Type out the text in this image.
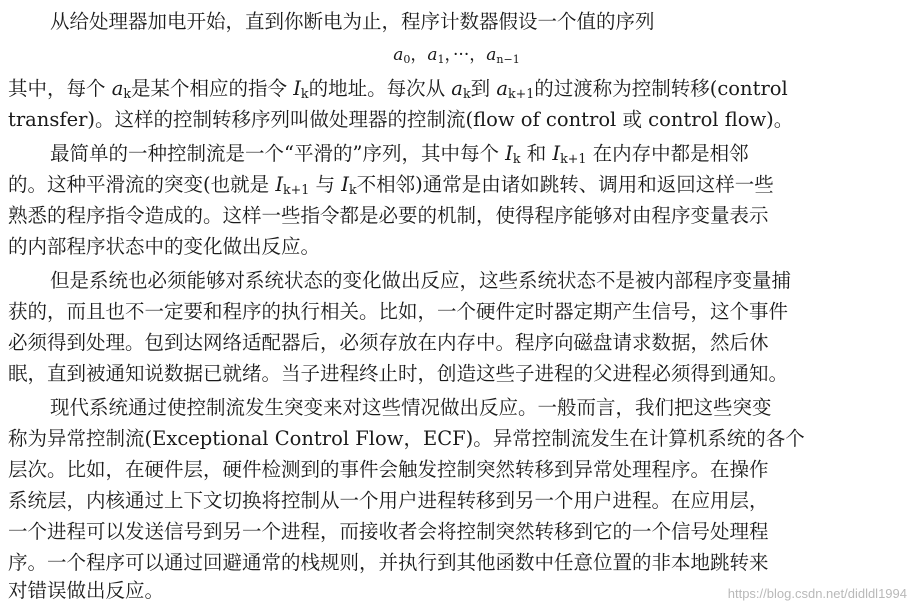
从给处理器加电开始，直到你断电为止，程序计数器假设一个值的序列
$a_0$，$a_1$，···，$a_{n-1}$
其中，每个 $a_k$是某个相应的指令 $I_k$的地址。每次从 $a_k$到 $a_{k+1}$的过渡称为控制转移(control
transfer)。这样的控制转移序列叫做处理器的控制流(flow of control 或 control flow)。
最简单的一种控制流是一个“平滑的”序列，其中每个 $I_k$ 和 $I_{k+1}$ 在内存中都是相邻
的。这种平滑流的突变(也就是 $I_{k+1}$ 与 $I_k$不相邻)通常是由诸如跳转、调用和返回这样一些
熟悉的程序指令造成的。这样一些指令都是必要的机制，使得程序能够对由程序变量表示
的内部程序状态中的变化做出反应。
但是系统也必须能够对系统状态的变化做出反应，这些系统状态不是被内部程序变量捕
获的，而且也不一定要和程序的执行相关。比如，一个硬件定时器定期产生信号，这个事件
必须得到处理。包到达网络适配器后，必须存放在内存中。程序向磁盘请求数据，然后休
眠，直到被通知说数据已就绪。当子进程终止时，创造这些子进程的父进程必须得到通知。
现代系统通过使控制流发生突变来对这些情况做出反应。一般而言，我们把这些突变
称为异常控制流(Exceptional Control Flow，ECF)。异常控制流发生在计算机系统的各个
层次。比如，在硬件层，硬件检测到的事件会触发控制突然转移到异常处理程序。在操作
系统层，内核通过上下文切换将控制从一个用户进程转移到另一个用户进程。在应用层，
一个进程可以发送信号到另一个进程，而接收者会将控制突然转移到它的一个信号处理程
序。一个程序可以通过回避通常的栈规则，并执行到其他函数中任意位置的非本地跳转来
对错误做出反应。	https://blog.csdn.net/didldl1994
